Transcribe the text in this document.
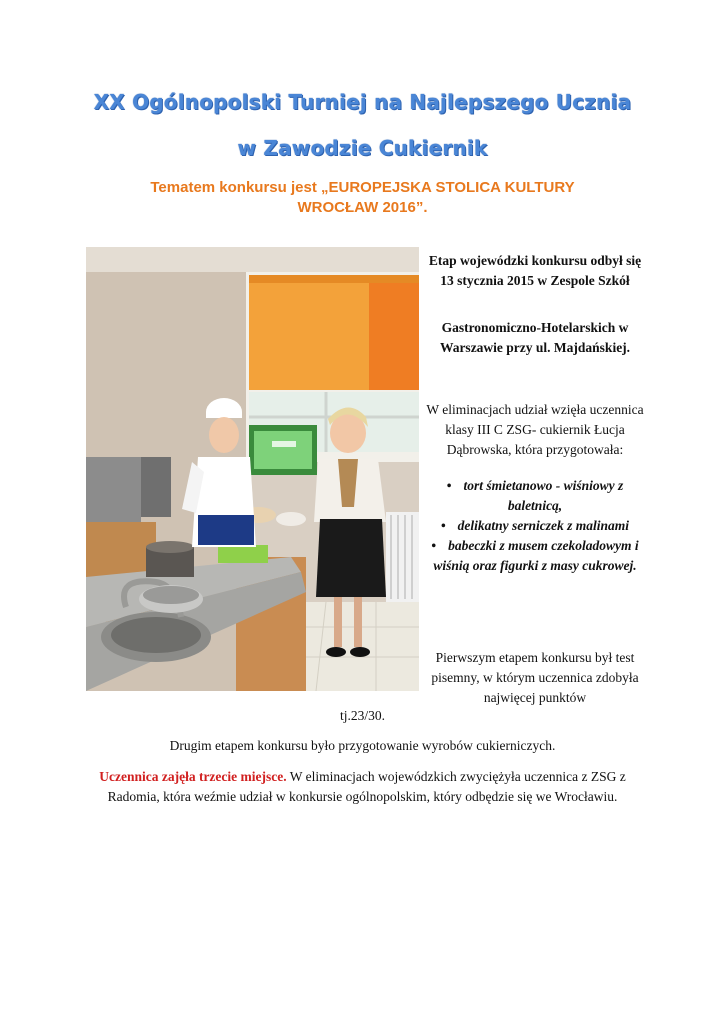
XX Ogólnopolski Turniej na Najlepszego Ucznia
w Zawodzie Cukiernik
Tematem konkursu jest „EUROPEJSKA STOLICA KULTURY
WROCŁAW 2016”.
Etap wojewódzki konkursu odbył się 13 stycznia 2015 w Zespole Szkół
Gastronomiczno-Hotelarskich w Warszawie przy ul. Majdańskiej.
W eliminacjach udział wzięła uczennica klasy III C ZSG- cukiernik Łucja Dąbrowska, która przygotowała:
• tort śmietanowo - wiśniowy z baletnicą,
• delikatny serniczek z malinami
• babeczki z musem czekoladowym i wiśnią oraz figurki z masy cukrowej.
Pierwszym etapem konkursu był test pisemny, w którym uczennica zdobyła najwięcej punktów
tj.23/30.
Drugim etapem konkursu było przygotowanie wyrobów cukierniczych.
Uczennica zajęła trzecie miejsce. W eliminacjach wojewódzkich zwyciężyła uczennica z ZSG z Radomia, która weźmie udział w konkursie ogólnopolskim, który odbędzie się we Wrocławiu.
